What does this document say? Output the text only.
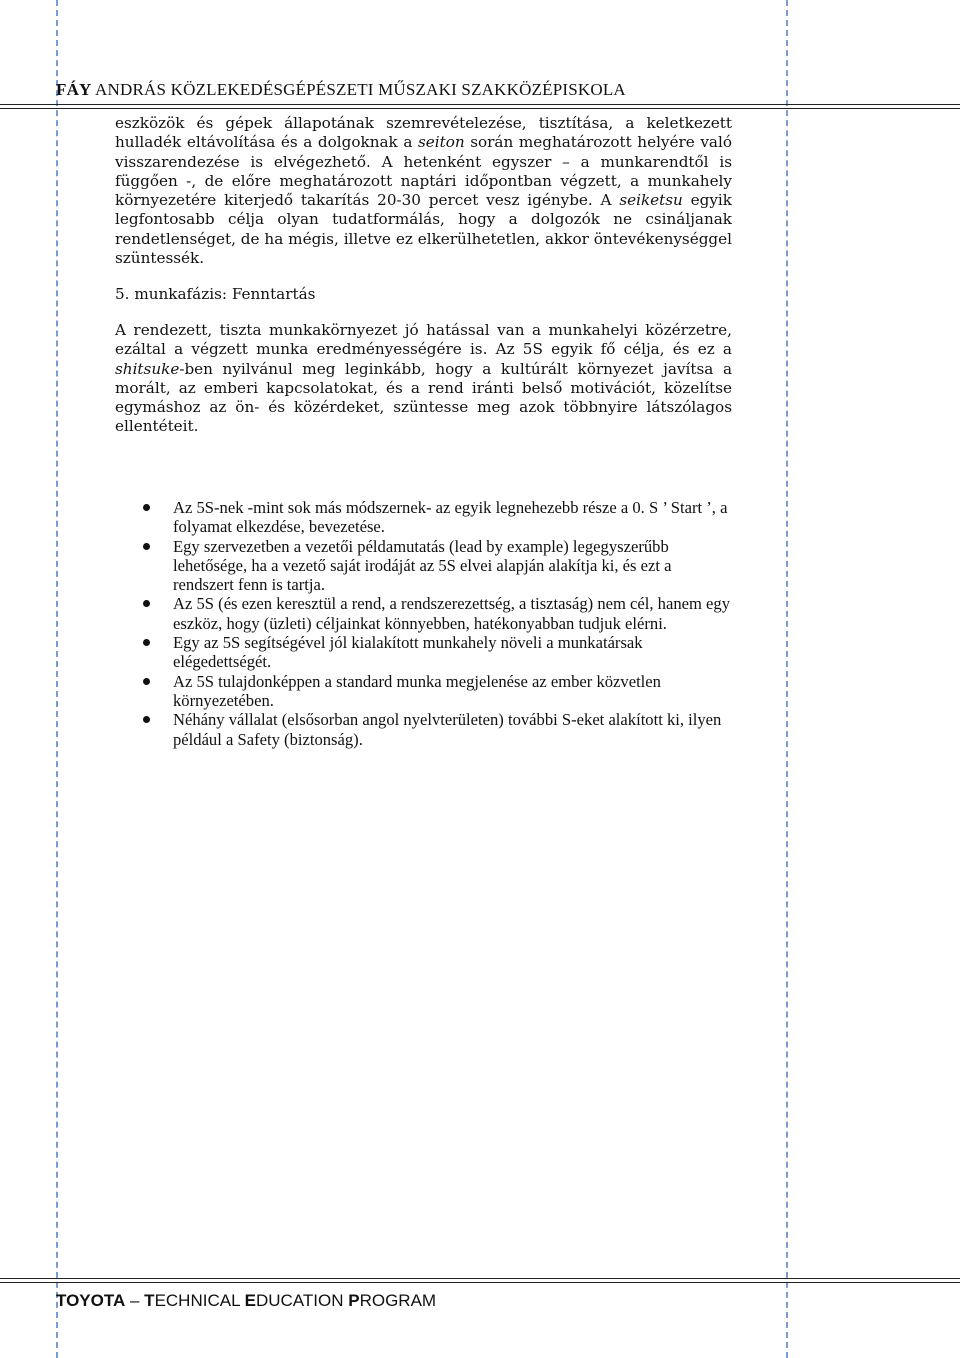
FÁY ANDRÁS KÖZLEKEDÉSGÉPÉSZETI MŰSZAKI SZAKKÖZÉPISKOLA

eszközök és gépek állapotának szemrevételezése, tisztítása, a keletkezett hulladék eltávolítása és a dolgoknak a seiton során meghatározott helyére való visszarendezése is elvégezhető. A hetenként egyszer – a munkarendtől is függően -, de előre meghatározott naptári időpontban végzett, a munkahely környezetére kiterjedő takarítás 20-30 percet vesz igénybe. A seiketsu egyik legfontosabb célja olyan tudatformálás, hogy a dolgozók ne csináljanak rendetlenséget, de ha mégis, illetve ez elkerülhetetlen, akkor öntevékenységgel szüntessék.

5. munkafázis: Fenntartás

A rendezett, tiszta munkakörnyezet jó hatással van a munkahelyi közérzetre, ezáltal a végzett munka eredményességére is. Az 5S egyik fő célja, és ez a shitsuke-ben nyilvánul meg leginkább, hogy a kultúrált környezet javítsa a morált, az emberi kapcsolatokat, és a rend iránti belső motivációt, közelítse egymáshoz az ön- és közérdeket, szüntesse meg azok többnyire látszólagos ellentéteit.

Az 5S-nek -mint sok más módszernek- az egyik legnehezebb része a 0. S ’ Start ’, a folyamat elkezdése, bevezetése.
Egy szervezetben a vezetői példamutatás (lead by example) legegyszerűbb lehetősége, ha a vezető saját irodáját az 5S elvei alapján alakítja ki, és ezt a rendszert fenn is tartja.
Az 5S (és ezen keresztül a rend, a rendszerezettség, a tisztaság) nem cél, hanem egy eszköz, hogy (üzleti) céljainkat könnyebben, hatékonyabban tudjuk elérni.
Egy az 5S segítségével jól kialakított munkahely növeli a munkatársak elégedettségét.
Az 5S tulajdonképpen a standard munka megjelenése az ember közvetlen környezetében.
Néhány vállalat (elsősorban angol nyelvterületen) további S-eket alakított ki, ilyen például a Safety (biztonság).
TOYOTA – TECHNICAL EDUCATION PROGRAM
